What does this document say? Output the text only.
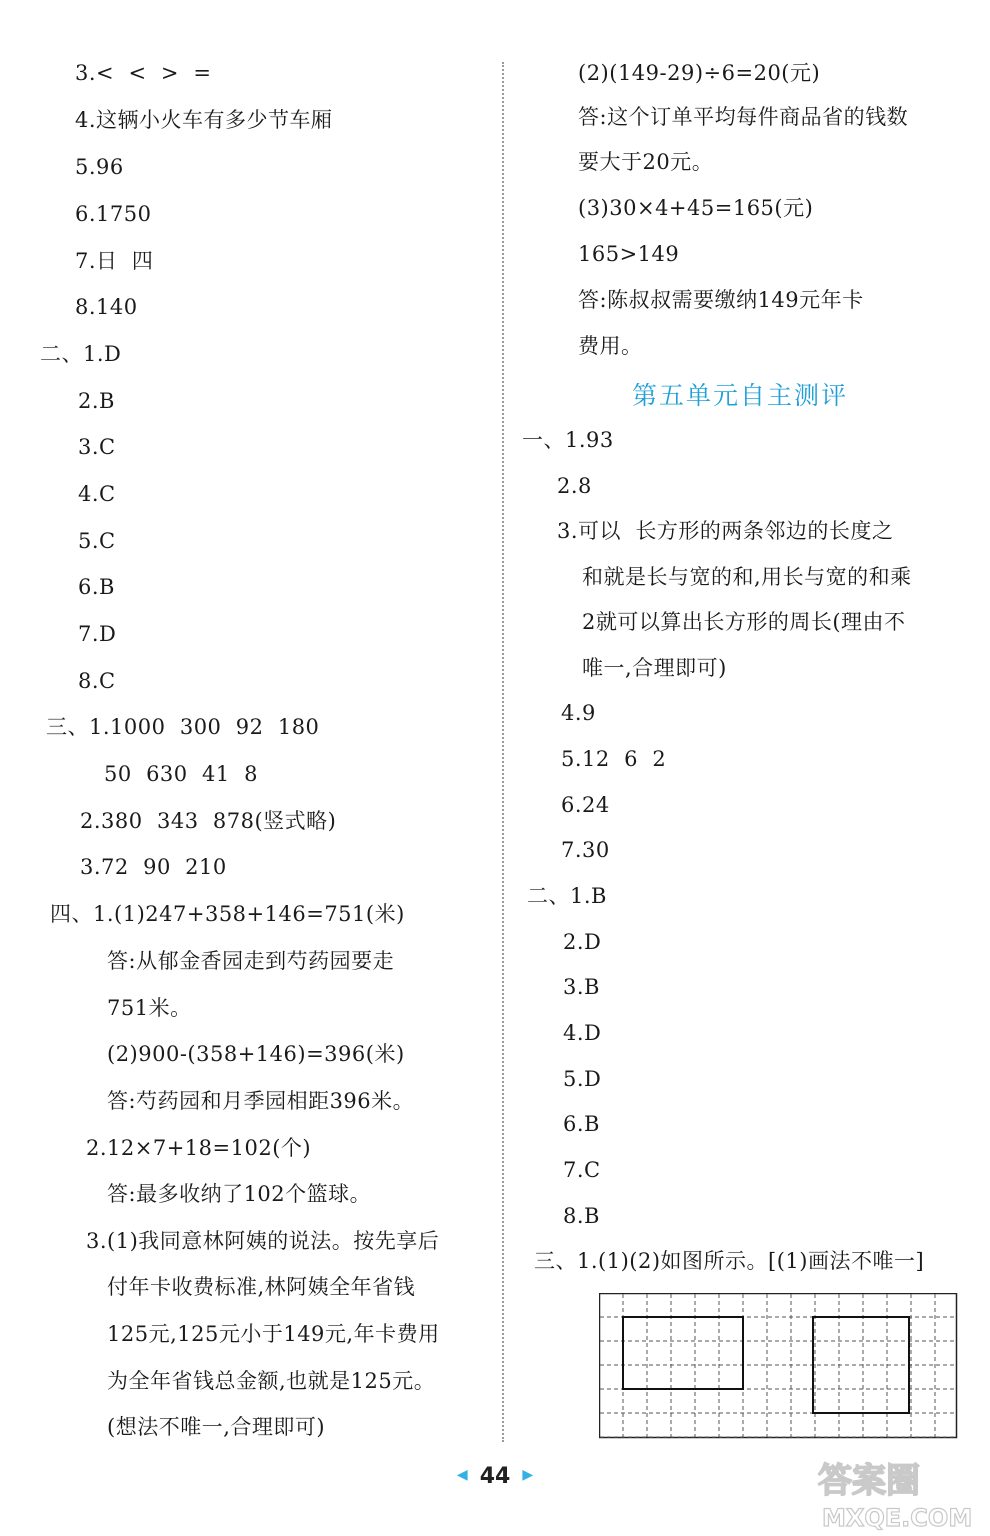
3.<  <  >  =
4.这辆小火车有多少节车厢
5.96
6.1750
7.日  四
8.140
二、1.D
2.B
3.C
4.C
5.C
6.B
7.D
8.C
三、1.1000  300  92  180
50  630  41  8
2.380  343  878(竖式略)
3.72  90  210
四、1.(1)247+358+146=751(米)
答:从郁金香园走到芍药园要走
751米。
(2)900-(358+146)=396(米)
答:芍药园和月季园相距396米。
2.12×7+18=102(个)
答:最多收纳了102个篮球。
3.(1)我同意林阿姨的说法。按先享后
付年卡收费标准,林阿姨全年省钱
125元,125元小于149元,年卡费用
为全年省钱总金额,也就是125元。
(想法不唯一,合理即可)
(2)(149-29)÷6=20(元)
答:这个订单平均每件商品省的钱数
要大于20元。
(3)30×4+45=165(元)
165>149
答:陈叔叔需要缴纳149元年卡
费用。
一、1.93
2.8
3.可以  长方形的两条邻边的长度之
和就是长与宽的和,用长与宽的和乘
2就可以算出长方形的周长(理由不
唯一,合理即可)
4.9
5.12  6  2
6.24
7.30
二、1.B
2.D
3.B
4.D
5.D
6.B
7.C
8.B
三、1.(1)(2)如图所示。[(1)画法不唯一]
第五单元自主测评
◀ 44 ▶	答案圈
MXQE.COM
